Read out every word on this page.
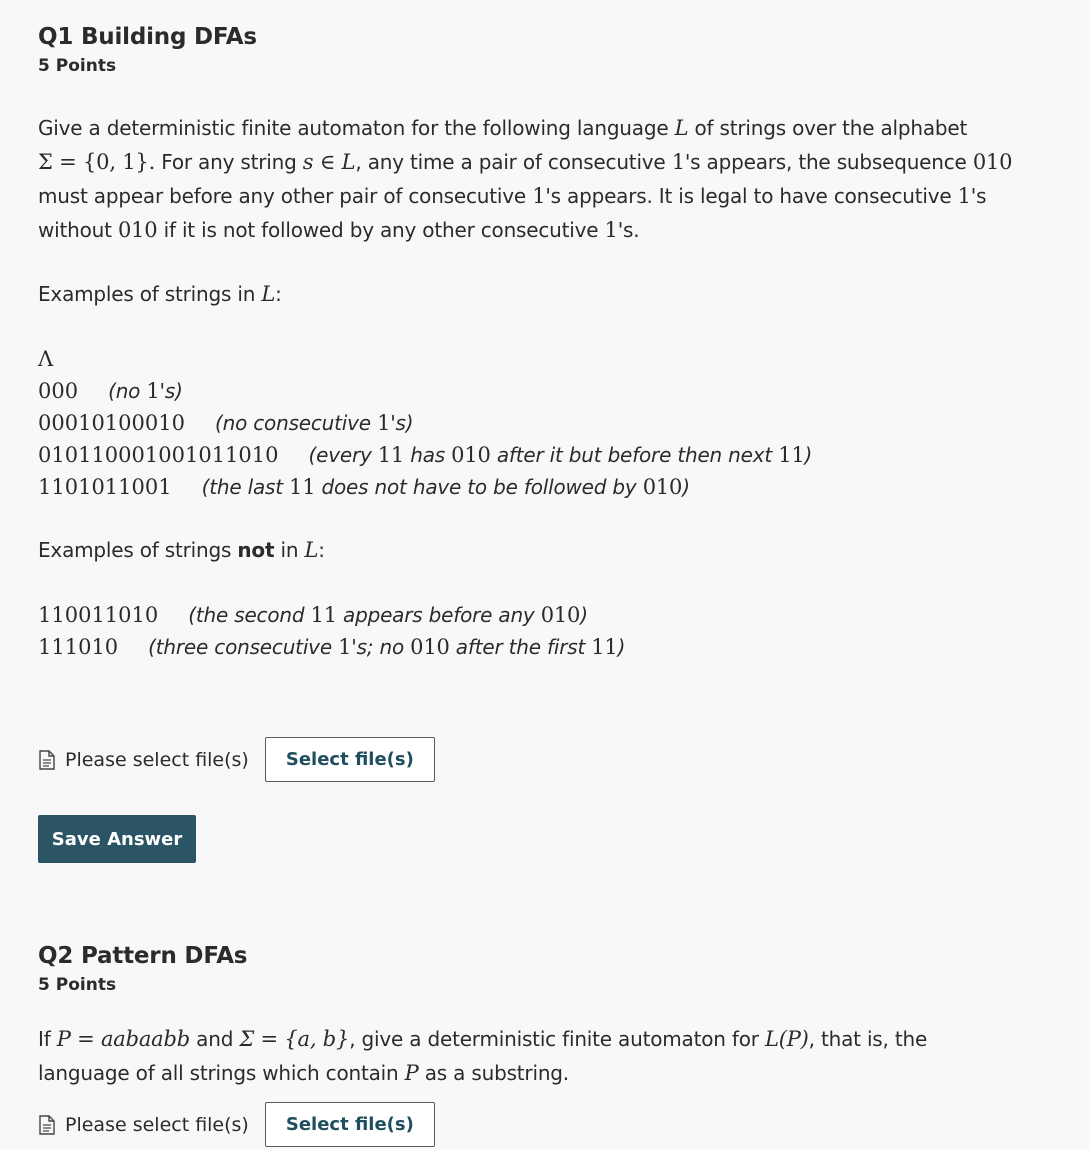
Q1 Building DFAs
5 Points
Give a deterministic finite automaton for the following language L of strings over the alphabet
Σ = {0, 1}. For any string s ∈ L, any time a pair of consecutive 1's appears, the subsequence 010
must appear before any other pair of consecutive 1's appears. It is legal to have consecutive 1's
without 010 if it is not followed by any other consecutive 1's.
Examples of strings in L:
Λ
000 (no 1's)
00010100010 (no consecutive 1's)
010110001001011010 (every 11 has 010 after it but before then next 11)
1101011001 (the last 11 does not have to be followed by 010)
Examples of strings not in L:
110011010 (the second 11 appears before any 010)
111010 (three consecutive 1's; no 010 after the first 11)
Please select file(s)	Select file(s)
Save Answer
Q2 Pattern DFAs
5 Points
If P = aabaabb and Σ = {a, b}, give a deterministic finite automaton for L(P), that is, the
language of all strings which contain P as a substring.
Please select file(s)	Select file(s)
